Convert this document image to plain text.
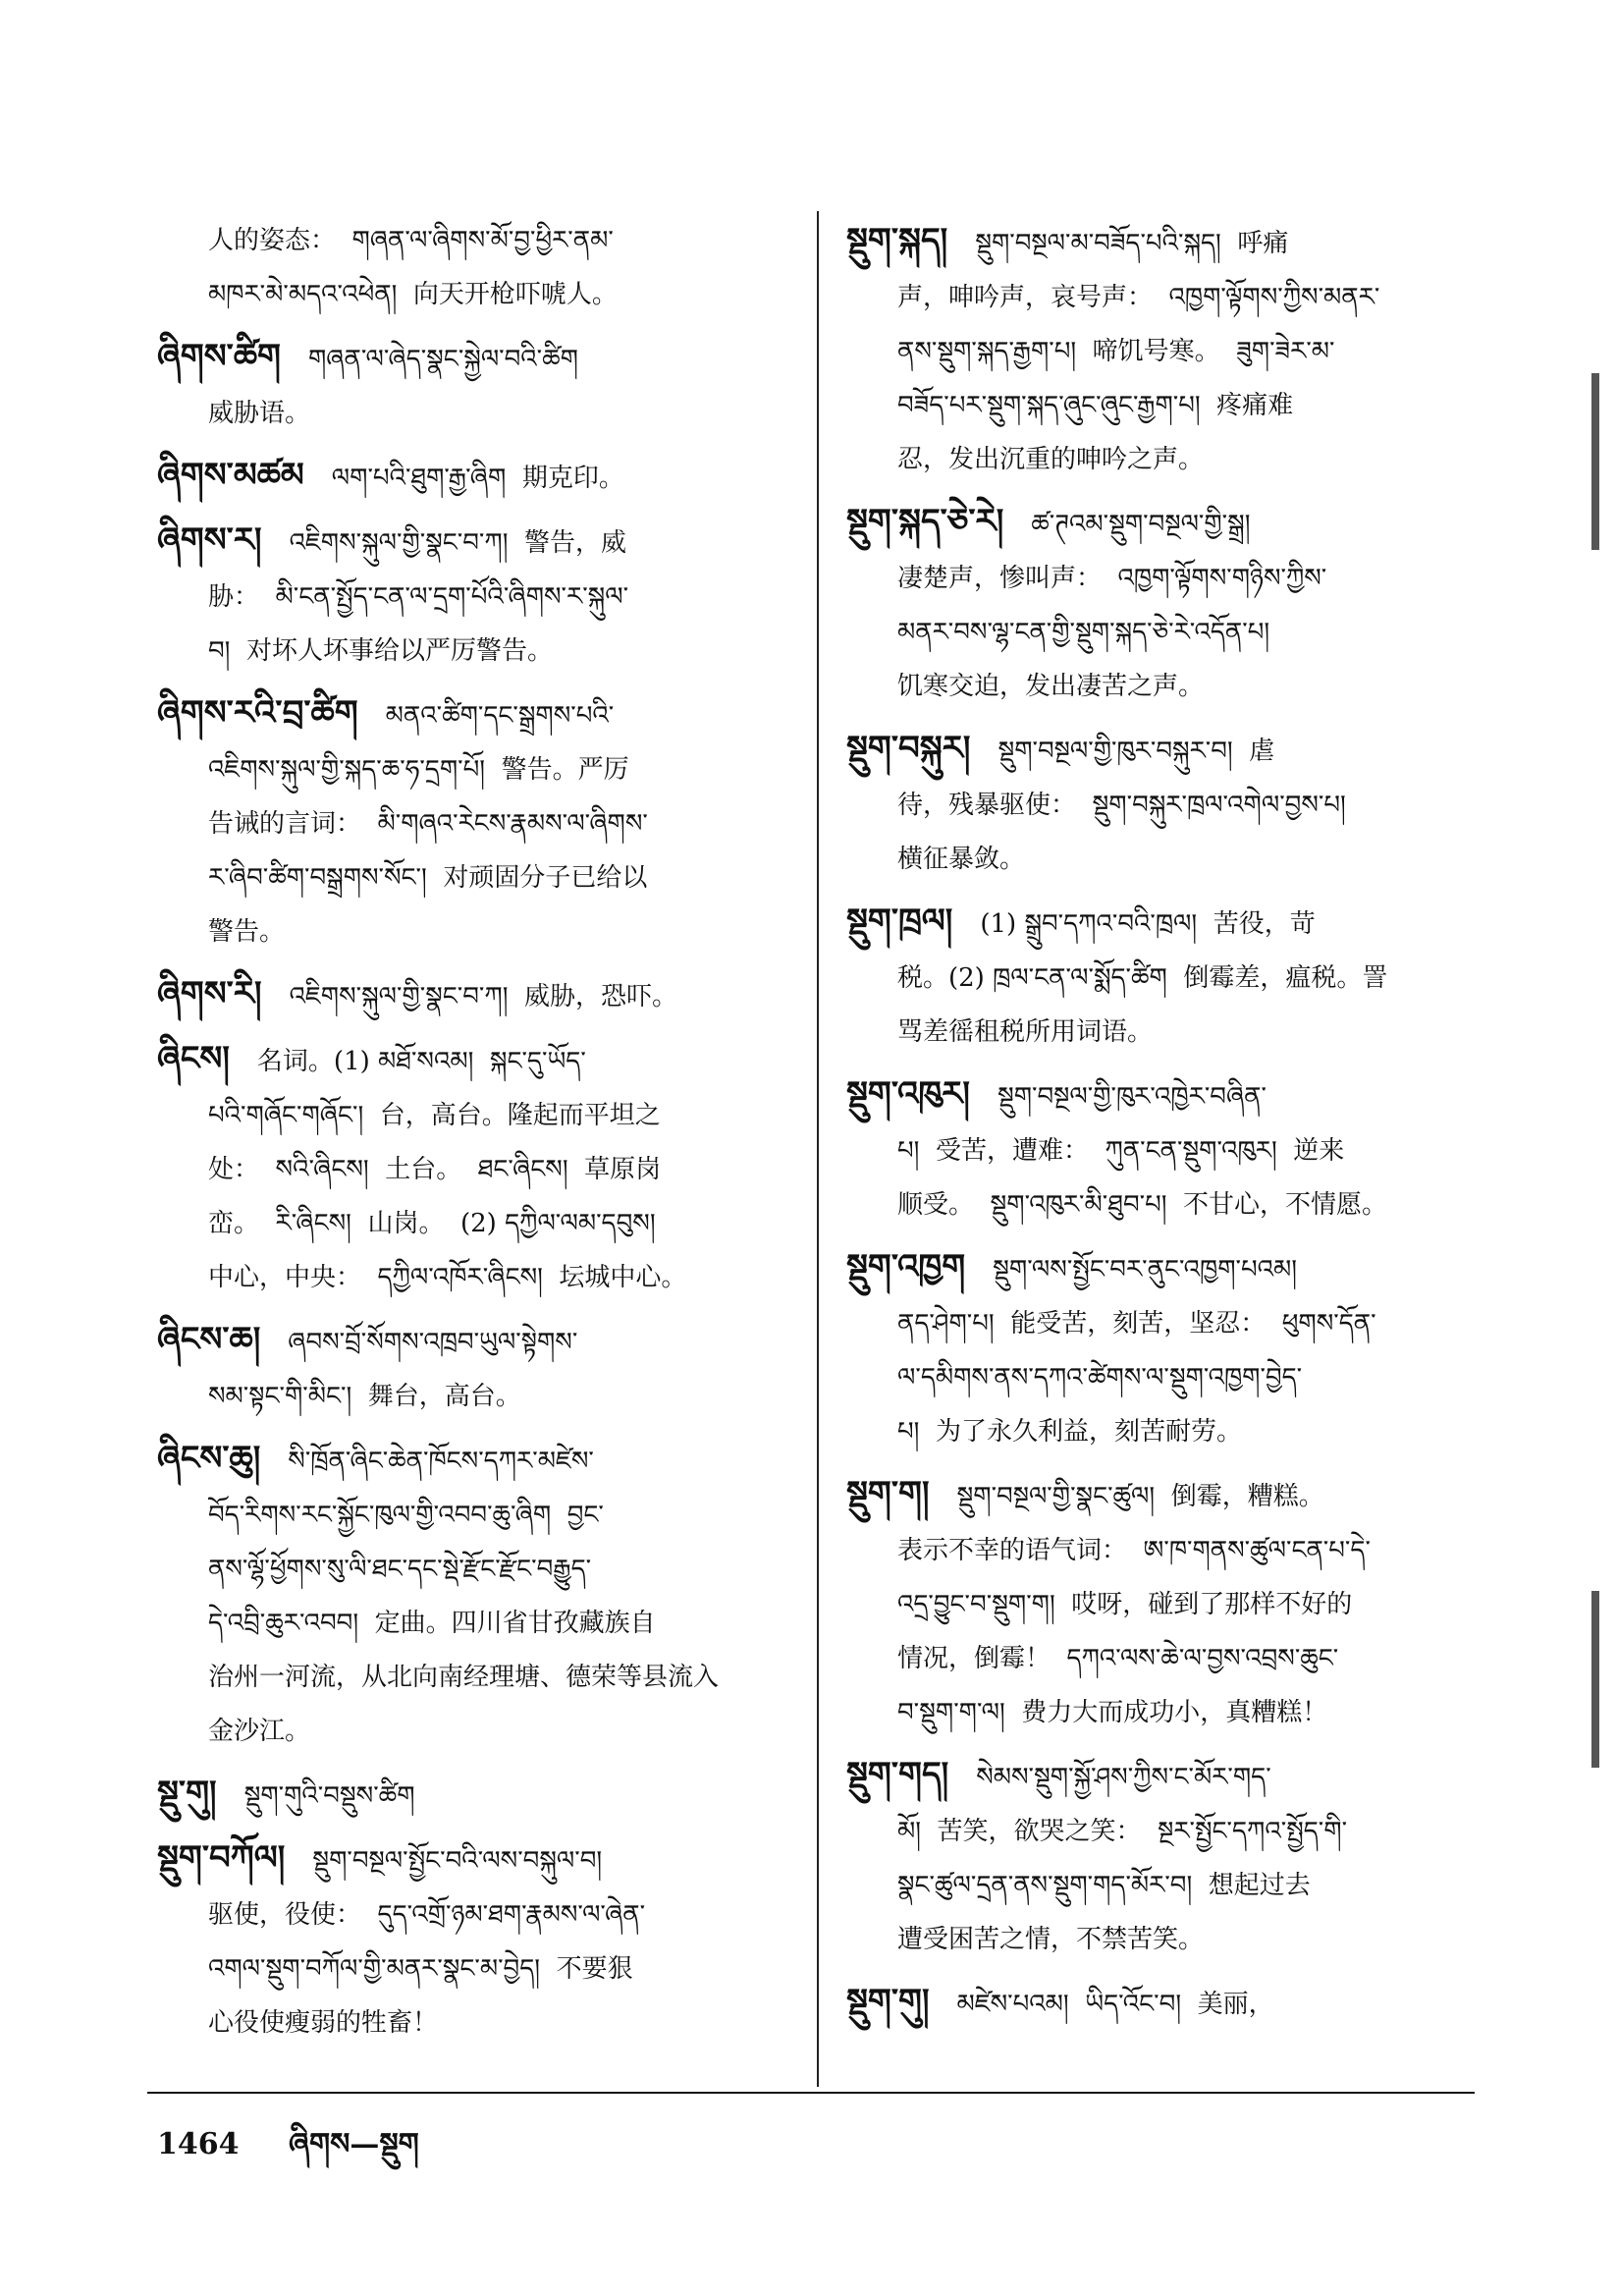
人的姿态：  གཞན་ལ་ཞིགས་མོ་བྱ་ཕྱིར་ནམ་
མཁར་མེ་མདའ་འཕེན།  向天开枪吓唬人。
ཞིགས་ཚིག གཞན་ལ་ཞེད་སྣང་སྐྱེལ་བའི་ཚིག
威胁语。
ཞིགས་མཚམ ལག་པའི་ཐུག་རྒྱ་ཞིག  期克印。
ཞིགས་ར། འཇིགས་སྐུལ་གྱི་སྣང་བ་ཀ།  警告，威
胁：  མི་ངན་སྤྱོད་ངན་ལ་དྲག་པོའི་ཞིགས་ར་སྐུལ་
བ།  对坏人坏事给以严厉警告。
ཞིགས་རའི་བྲ་ཚིག མནའ་ཚིག་དང་སྒྲགས་པའི་
འཇིགས་སྐུལ་གྱི་སྐད་ཆ་ཧ་དྲག་པོ།  警告。严厉
告诫的言词：  མི་གཞའ་རེངས་རྣམས་ལ་ཞིགས་
ར་ཞིབ་ཚིག་བསྒྲགས་སོང་།  对顽固分子已给以
警告。
ཞིགས་རི། འཇིགས་སྐུལ་གྱི་སྣང་བ་ཀ།  威胁，恐吓。
ཞིངས། 名词。(1) མཐོ་སའམ།  སྐང་དུ་ཡོད་
པའི་གཞོང་གཞོང་།  台，高台。隆起而平坦之
处：  སའི་ཞིངས།  土台。  ཐང་ཞིངས།  草原岗
峦。  རི་ཞིངས།  山岗。  (2) དཀྱིལ་ལམ་དབུས།
中心，中央：  དཀྱིལ་འཁོར་ཞིངས།  坛城中心。
ཞིངས་ཆ། ཞབས་བྲོ་སོགས་འཁྲབ་ཡུལ་སྟེགས་
སམ་སྟང་གི་མིང་།  舞台，高台。
ཞིངས་ཆུ། སི་ཁྲོན་ཞིང་ཆེན་ཁོངས་དཀར་མཛེས་
བོད་རིགས་རང་སྐྱོང་ཁུལ་གྱི་འབབ་ཆུ་ཞིག  བྱང་
ནས་ལྷོ་ཕྱོགས་སུ་ལི་ཐང་དང་སྡེ་རྫོང་རྫོང་བརྒྱུད་
དེ་འབྲི་ཆུར་འབབ།  定曲。四川省甘孜藏族自
治州一河流，从北向南经理塘、德荣等县流入
金沙江。
སྡུ་གུ། སྡུག་གུའི་བསྡུས་ཚིག
སྡུག་བཀོལ། སྡུག་བསྔལ་སྤྱོང་བའི་ལས་བསྐུལ་བ།
驱使，役使：  དུད་འགྲོ་ཉམ་ཐག་རྣམས་ལ་ཞེན་
འགལ་སྡུག་བཀོལ་གྱི་མནར་སྣང་མ་བྱེད།  不要狠
心役使瘦弱的牲畜！
སྡུག་སྐད། སྡུག་བསྔལ་མ་བཟོད་པའི་སྐད།  呼痛
声，呻吟声，哀号声：  འཁྱག་ལྟོགས་ཀྱིས་མནར་
ནས་སྡུག་སྐད་རྒྱག་པ།  啼饥号寒。  ཟུག་ཟེར་མ་
བཟོད་པར་སྡུག་སྐད་ཞུང་ཞུང་རྒྱག་པ།  疼痛难
忍，发出沉重的呻吟之声。
སྡུག་སྐད་ཅེ་རེ། ཚ་ཊའམ་སྡུག་བསྔལ་གྱི་སྒྲ།
凄楚声，惨叫声：  འཁྱག་ལྟོགས་གཉིས་ཀྱིས་
མནར་བས་ལྷ་ངན་གྱི་སྡུག་སྐད་ཅེ་རེ་འདོན་པ།
饥寒交迫，发出凄苦之声。
སྡུག་བསྐུར། སྡུག་བསྔལ་གྱི་ཁུར་བསྐུར་བ།  虐
待，残暴驱使：  སྡུག་བསྐུར་ཁྲལ་འགེལ་བྱས་པ།
横征暴敛。
སྡུག་ཁྲལ། (1) སྒྲུབ་དཀའ་བའི་ཁྲལ།  苦役，苛
税。(2) ཁྲལ་ངན་ལ་སྨོད་ཚིག  倒霉差，瘟税。詈
骂差徭租税所用词语。
སྡུག་འཁུར། སྡུག་བསྔལ་གྱི་ཁུར་འཁྱེར་བཞིན་
པ།  受苦，遭难：  ཀུན་ངན་སྡུག་འཁུར།  逆来
顺受。  སྡུག་འཁུར་མི་ཐུབ་པ།  不甘心，不情愿。
སྡུག་འཁྱག སྡུག་ལས་སྤྱོང་བར་ནུང་འཁྱག་པའམ།
ནད་ཤེག་པ།  能受苦，刻苦，坚忍：  ཕུགས་དོན་
ལ་དམིགས་ནས་དཀའ་ཚེགས་ལ་སྡུག་འཁྱག་བྱེད་
པ།  为了永久利益，刻苦耐劳。
སྡུག་ག། སྡུག་བསྔལ་གྱི་སྣང་ཚུལ།  倒霉，糟糕。
表示不幸的语气词：  ཨ་ཁ་གནས་ཚུལ་ངན་པ་དེ་
འདྲ་བྱུང་བ་སྡུག་ག།  哎呀，碰到了那样不好的
情况，倒霉！  དཀའ་ལས་ཆེ་ལ་བྱས་འབྲས་ཆུང་
བ་སྡུག་ག་ལ།  费力大而成功小，真糟糕！
སྡུག་གད། སེམས་སྡུག་སྐྱོ་ཤས་ཀྱིས་ང་མོར་གད་
མོ།  苦笑，欲哭之笑：  སྔར་སྤྱོང་དཀའ་སྤྱོད་གི་
སྣང་ཚུལ་དྲན་ནས་སྡུག་གད་མོར་བ།  想起过去
遭受困苦之情，不禁苦笑。
སྡུག་གུ། མཛེས་པའམ།  ཡིད་འོང་བ།  美丽，
1464 ཞིགས—སྡུག
